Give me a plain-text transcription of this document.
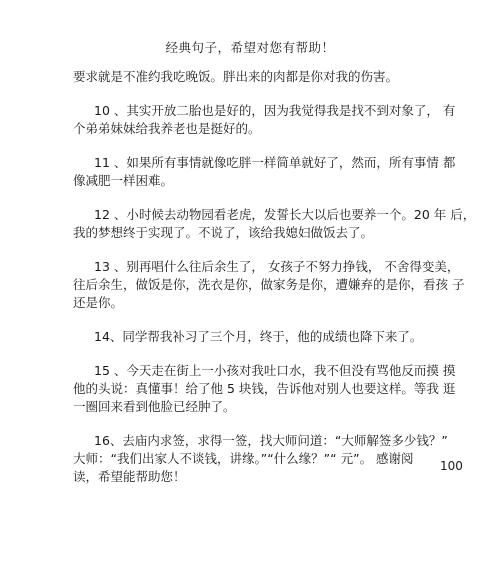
经典句子，希望对您有帮助！
要求就是不准约我吃晚饭。胖出来的肉都是你对我的伤害。
10 、其实开放二胎也是好的，因为我觉得我是找不到对象了， 有
个弟弟妹妹给我养老也是挺好的。
11 、如果所有事情就像吃胖一样简单就好了，然而，所有事情 都
像减肥一样困难。
12 、小时候去动物园看老虎，发誓长大以后也要养一个。20 年 后，
我的梦想终于实现了。不说了，该给我媳妇做饭去了。
13 、别再唱什么往后余生了， 女孩子不努力挣钱， 不舍得变美，
往后余生，做饭是你，洗衣是你，做家务是你，遭嫌弃的是你，看孩 子
还是你。
14、同学帮我补习了三个月，终于，他的成绩也降下来了。
15 、今天走在街上一小孩对我吐口水，我不但没有骂他反而摸 摸
他的头说：真懂事！给了他 5 块钱，告诉他对别人也要这样。等我 逛
一圈回来看到他脸已经肿了。
16、去庙内求签，求得一签，找大师问道：“大师解签多少钱？”
大师：“我们出家人不谈钱，讲缘。”“什么缘？”“ 元”。 感谢阅
读，希望能帮助您！
100
